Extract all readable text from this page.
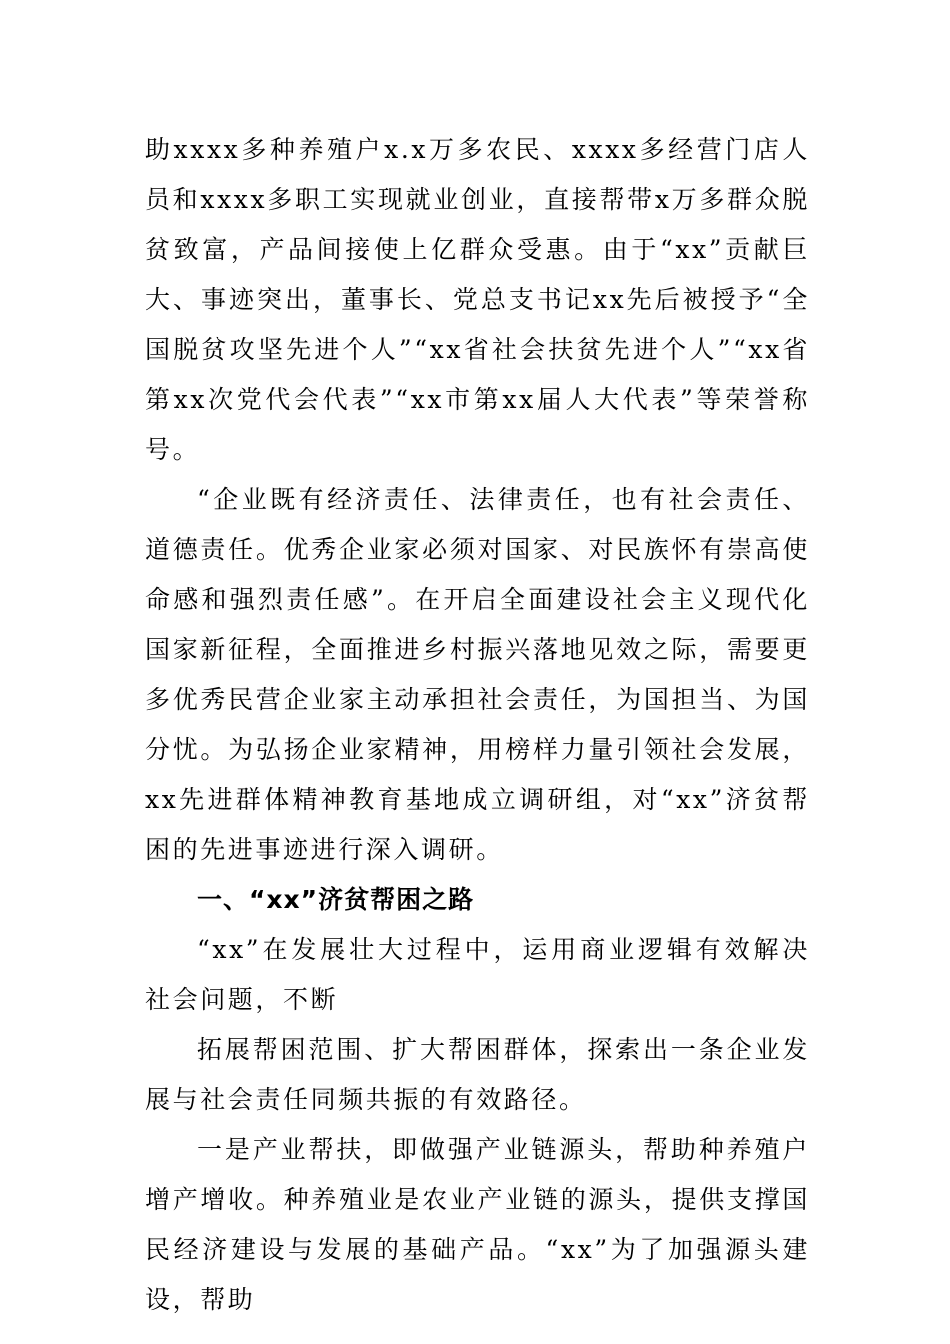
助xxxx多种养殖户x.x万多农民、xxxx多经营门店人员和xxxx多职工实现就业创业，直接帮带x万多群众脱贫致富，产品间接使上亿群众受惠。由于“xx”贡献巨大、事迹突出，董事长、党总支书记xx先后被授予“全国脱贫攻坚先进个人”“xx省社会扶贫先进个人”“xx省第xx次党代会代表”“xx市第xx届人大代表”等荣誉称号。

“企业既有经济责任、法律责任，也有社会责任、道德责任。优秀企业家必须对国家、对民族怀有崇高使命感和强烈责任感”。在开启全面建设社会主义现代化国家新征程，全面推进乡村振兴落地见效之际，需要更多优秀民营企业家主动承担社会责任，为国担当、为国分忧。为弘扬企业家精神，用榜样力量引领社会发展，xx先进群体精神教育基地成立调研组，对“xx”济贫帮困的先进事迹进行深入调研。

一、“xx”济贫帮困之路

“xx”在发展壮大过程中，运用商业逻辑有效解决社会问题，不断

拓展帮困范围、扩大帮困群体，探索出一条企业发展与社会责任同频共振的有效路径。

一是产业帮扶，即做强产业链源头，帮助种养殖户增产增收。种养殖业是农业产业链的源头，提供支撑国民经济建设与发展的基础产品。“xx”为了加强源头建设，帮助
